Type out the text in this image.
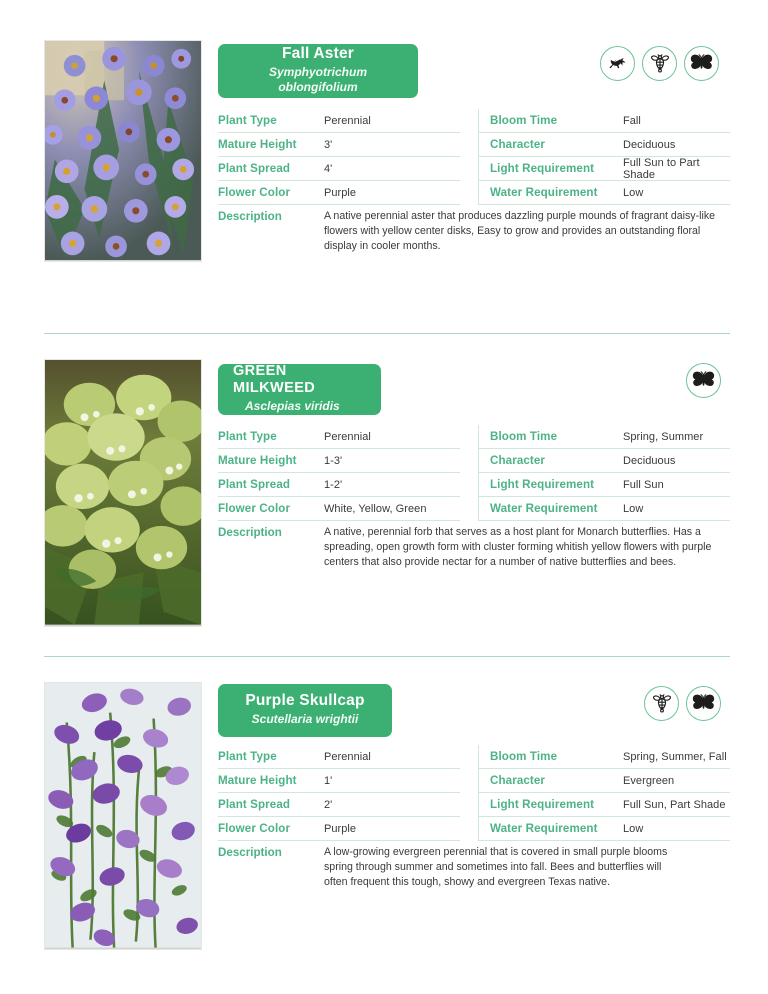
Fall Aster
Symphyotrichum oblongifolium
Plant Type	Perennial	Bloom Time	Fall
Mature Height	3'	Character	Deciduous
Plant Spread	4'	Light Requirement	Full Sun to Part Shade
Flower Color	Purple	Water Requirement	Low
Description	A native perennial aster that produces dazzling purple mounds of fragrant daisy-like flowers with yellow center disks, Easy to grow and provides an outstanding floral display in cooler months.
GREEN MILKWEED
Asclepias viridis
Plant Type	Perennial	Bloom Time	Spring, Summer
Mature Height	1-3'	Character	Deciduous
Plant Spread	1-2'	Light Requirement	Full Sun
Flower Color	White, Yellow, Green	Water Requirement	Low
Description	A native, perennial forb that serves as a host plant for Monarch butterflies. Has a spreading, open growth form with cluster forming whitish yellow flowers with purple centers that also provide nectar for a number of native butterflies and bees.
Purple Skullcap
Scutellaria wrightii
Plant Type	Perennial	Bloom Time	Spring, Summer, Fall
Mature Height	1'	Character	Evergreen
Plant Spread	2'	Light Requirement	Full Sun, Part Shade
Flower Color	Purple	Water Requirement	Low
Description	A low-growing evergreen perennial that is covered in small purple blooms spring through summer and sometimes into fall. Bees and butterflies will often frequent this tough, showy and evergreen Texas native.
